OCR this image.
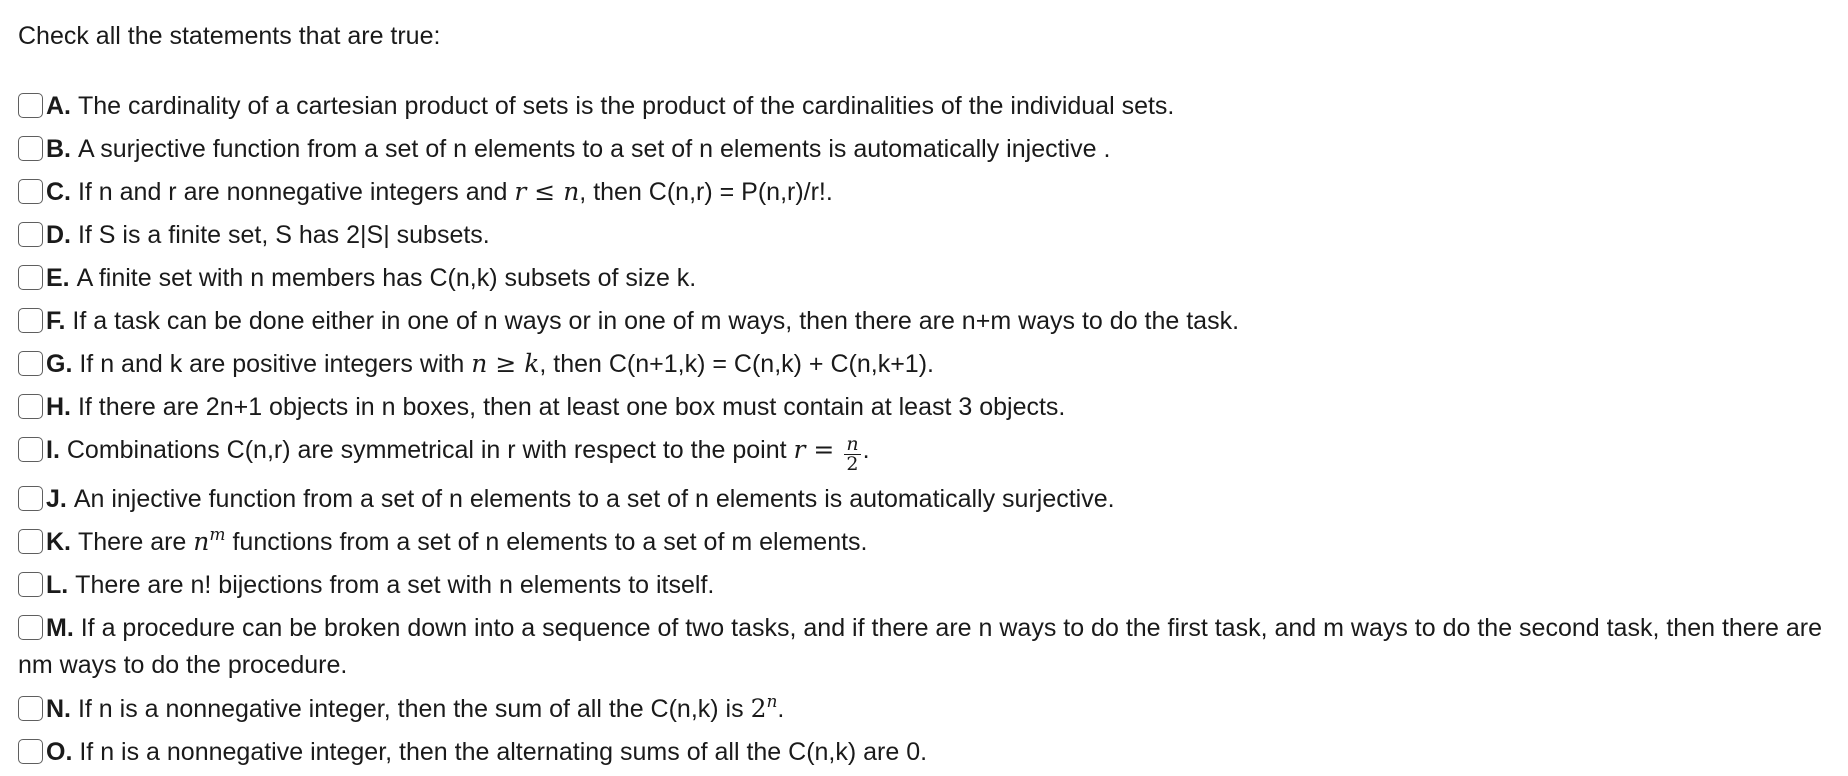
Check all the statements that are true:
A. The cardinality of a cartesian product of sets is the product of the cardinalities of the individual sets.
B. A surjective function from a set of n elements to a set of n elements is automatically injective .
C. If n and r are nonnegative integers and r ≤ n, then C(n,r) = P(n,r)/r!.
D. If S is a finite set, S has 2|S| subsets.
E. A finite set with n members has C(n,k) subsets of size k.
F. If a task can be done either in one of n ways or in one of m ways, then there are n+m ways to do the task.
G. If n and k are positive integers with n ≥ k, then C(n+1,k) = C(n,k) + C(n,k+1).
H. If there are 2n+1 objects in n boxes, then at least one box must contain at least 3 objects.
I. Combinations C(n,r) are symmetrical in r with respect to the point $r = \frac{n}{2}$ .
J. An injective function from a set of n elements to a set of n elements is automatically surjective.
K. There are $n^m$ functions from a set of n elements to a set of m elements.
L. There are n! bijections from a set with n elements to itself.
M. If a procedure can be broken down into a sequence of two tasks, and if there are n ways to do the first task, and m ways to do the second task, then there are nm ways to do the procedure.
N. If n is a nonnegative integer, then the sum of all the C(n,k) is 2$^n$.
O. If n is a nonnegative integer, then the alternating sums of all the C(n,k) are 0.
